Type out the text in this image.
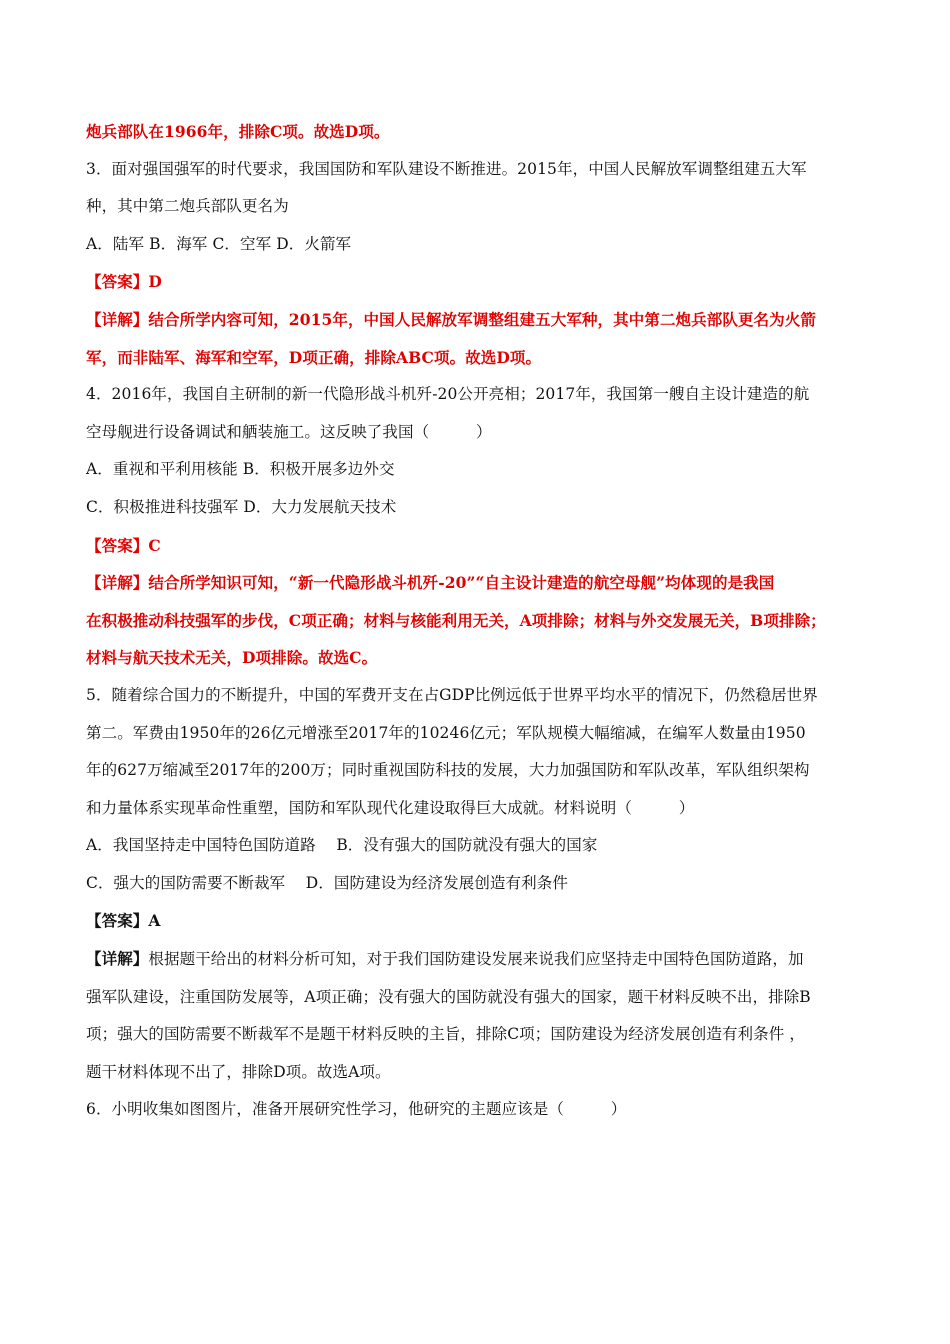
炮兵部队在1966年，排除C项。故选D项。
3．面对强国强军的时代要求，我国国防和军队建设不断推进。2015年，中国人民解放军调整组建五大军
种，其中第二炮兵部队更名为
A．陆军 B．海军 C．空军 D．火箭军
【答案】D
【详解】结合所学内容可知，2015年，中国人民解放军调整组建五大军种，其中第二炮兵部队更名为火箭
军，而非陆军、海军和空军，D项正确，排除ABC项。故选D项。
4．2016年，我国自主研制的新一代隐形战斗机歼-20公开亮相；2017年，我国第一艘自主设计建造的航
空母舰进行设备调试和舾装施工。这反映了我国（　　　）
A．重视和平利用核能 B．积极开展多边外交
C．积极推进科技强军 D．大力发展航天技术
【答案】C
【详解】结合所学知识可知，“新一代隐形战斗机歼-20”“自主设计建造的航空母舰”均体现的是我国
在积极推动科技强军的步伐，C项正确；材料与核能利用无关，A项排除；材料与外交发展无关，B项排除；
材料与航天技术无关，D项排除。故选C。
5．随着综合国力的不断提升，中国的军费开支在占GDP比例远低于世界平均水平的情况下，仍然稳居世界
第二。军费由1950年的26亿元增涨至2017年的10246亿元；军队规模大幅缩减，在编军人数量由1950
年的627万缩减至2017年的200万；同时重视国防科技的发展，大力加强国防和军队改革，军队组织架构
和力量体系实现革命性重塑，国防和军队现代化建设取得巨大成就。材料说明（　　　）
A．我国坚持走中国特色国防道路　 B．没有强大的国防就没有强大的国家
C．强大的国防需要不断裁军　 D．国防建设为经济发展创造有利条件
【答案】A
【详解】根据题干给出的材料分析可知，对于我们国防建设发展来说我们应坚持走中国特色国防道路，加
强军队建设，注重国防发展等，A项正确；没有强大的国防就没有强大的国家，题干材料反映不出，排除B
项；强大的国防需要不断裁军不是题干材料反映的主旨，排除C项；国防建设为经济发展创造有利条件 ，
题干材料体现不出了，排除D项。故选A项。
6．小明收集如图图片，准备开展研究性学习，他研究的主题应该是（　　　）
